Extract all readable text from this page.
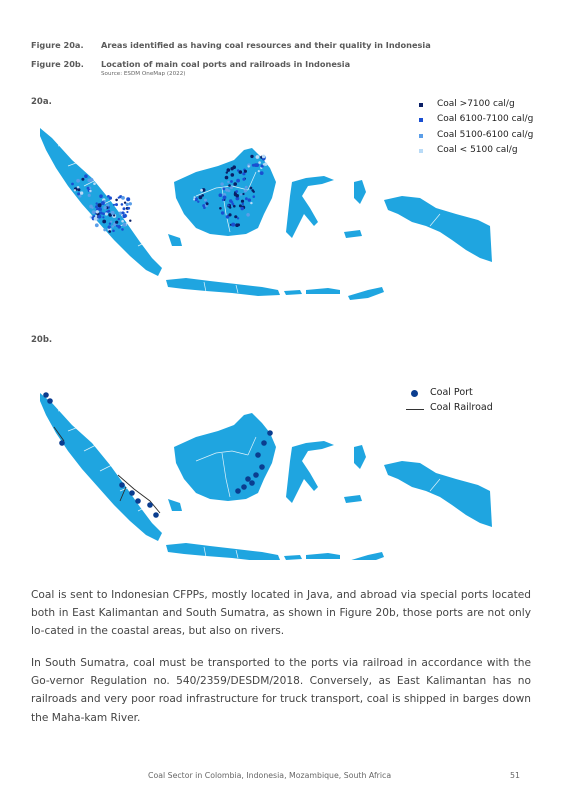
Figure 20a.	Areas identified as having coal resources and their quality in Indonesia
Figure 20b.	Location of main coal ports and railroads in Indonesia
Source: ESDM OneMap (2022)
20a.	Coal >7100 cal/g
Coal 6100-7100 cal/g
Coal 5100-6100 cal/g
Coal < 5100 cal/g
20b.
Coal Port
Coal Railroad

Coal is sent to Indonesian CFPPs, mostly located in Java, and abroad via special ports located both in East Kalimantan and South Sumatra, as shown in Figure 20b, those ports are not only lo-cated in the coastal areas, but also on rivers.

In South Sumatra, coal must be transported to the ports via railroad in accordance with the Go-vernor Regulation no. 540/2359/DESDM/2018. Conversely, as East Kalimantan has no railroads and very poor road infrastructure for truck transport, coal is shipped in barges down the Maha-kam River.

Coal Sector in Colombia, Indonesia, Mozambique, South Africa	51
